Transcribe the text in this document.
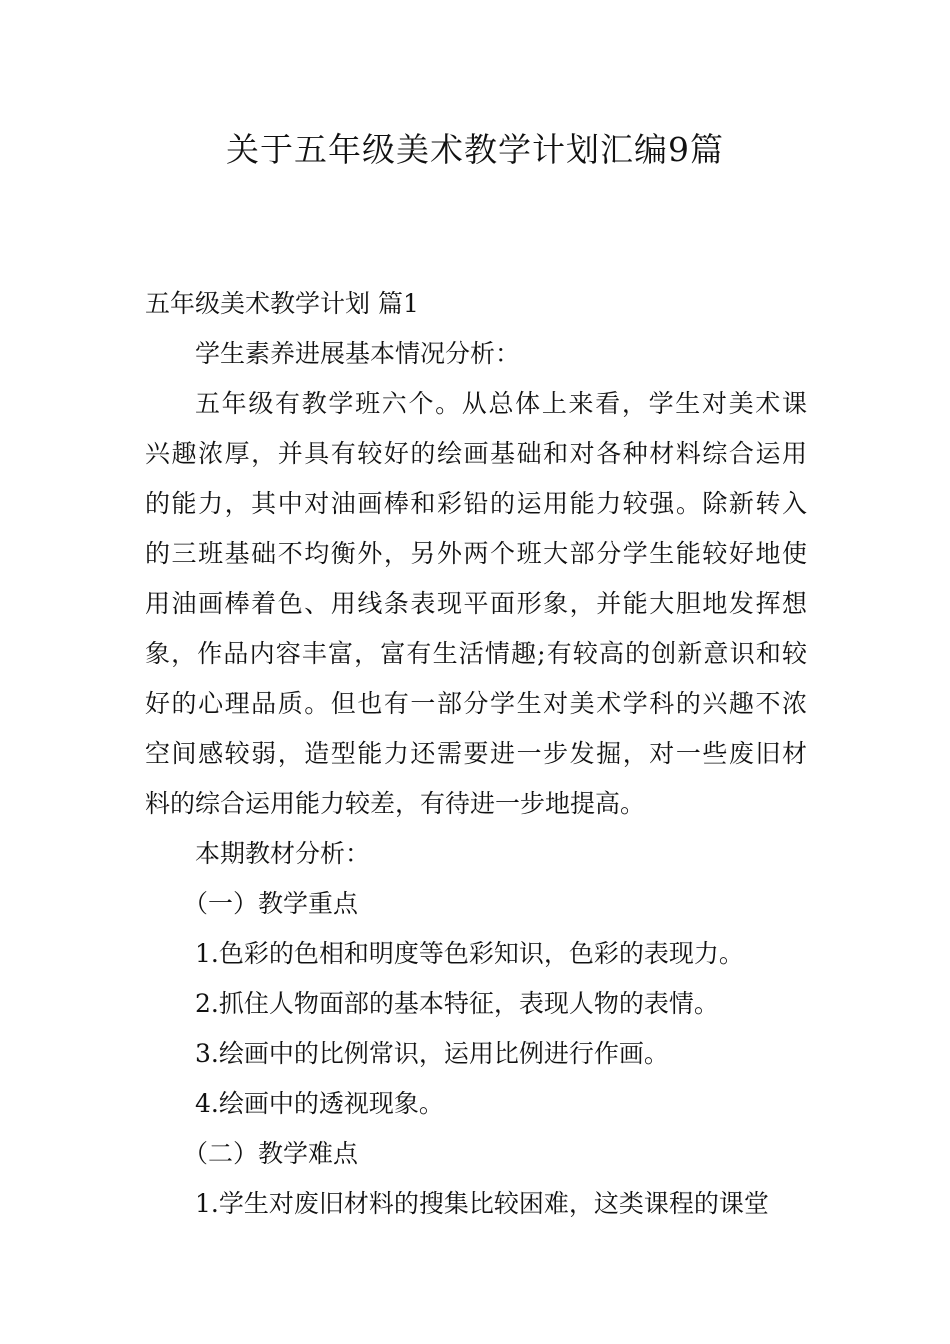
关于五年级美术教学计划汇编9篇

五年级美术教学计划 篇1

学生素养进展基本情况分析：

五年级有教学班六个。从总体上来看，学生对美术课
兴趣浓厚，并具有较好的绘画基础和对各种材料综合运用
的能力，其中对油画棒和彩铅的运用能力较强。除新转入
的三班基础不均衡外，另外两个班大部分学生能较好地使
用油画棒着色、用线条表现平面形象，并能大胆地发挥想
象，作品内容丰富，富有生活情趣;有较高的创新意识和较
好的心理品质。但也有一部分学生对美术学科的兴趣不浓
空间感较弱，造型能力还需要进一步发掘，对一些废旧材
料的综合运用能力较差，有待进一步地提高。

本期教材分析：

（一）教学重点

1.色彩的色相和明度等色彩知识，色彩的表现力。

2.抓住人物面部的基本特征，表现人物的表情。

3.绘画中的比例常识，运用比例进行作画。

4.绘画中的透视现象。

（二）教学难点

1.学生对废旧材料的搜集比较困难，这类课程的课堂
